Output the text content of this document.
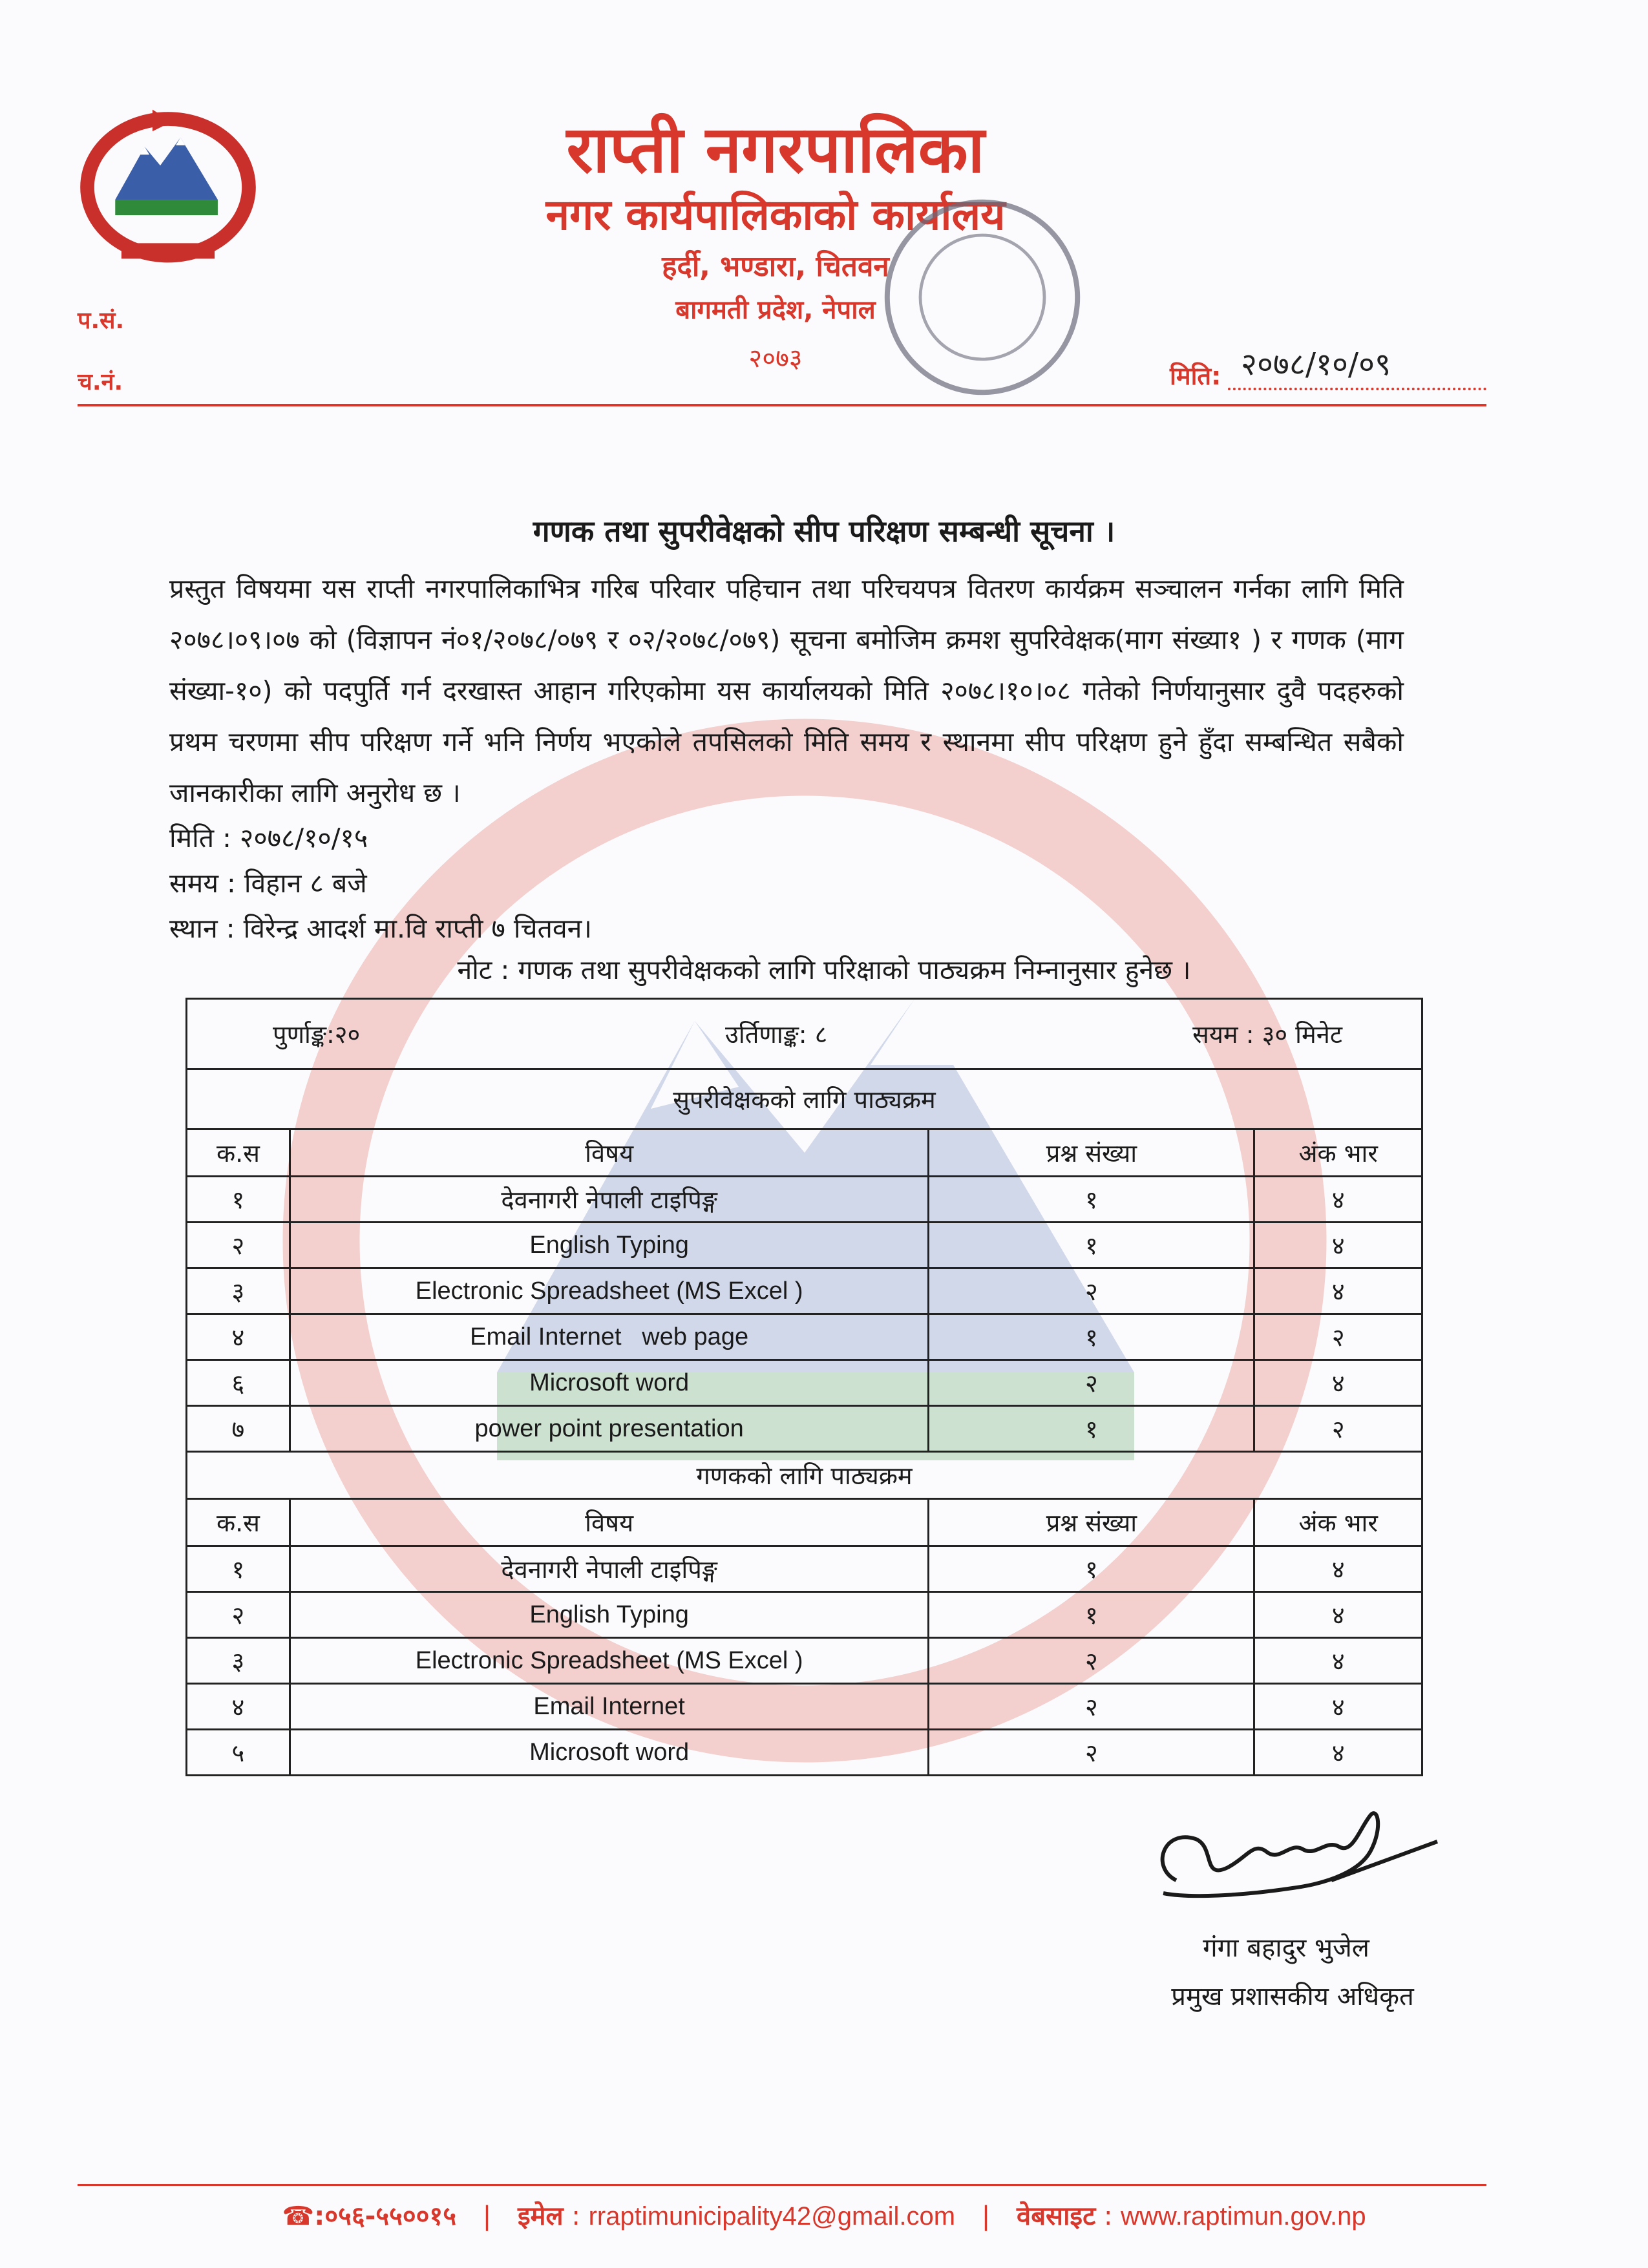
राप्ती नगरपालिका
नगर कार्यपालिकाको कार्यालय
हर्दी, भण्डारा, चितवन
बागमती प्रदेश, नेपाल
२०७३
प.सं.
च.नं.	मिति: २०७८/१०/०९
गणक तथा सुपरीवेक्षको सीप परिक्षण सम्बन्धी सूचना ।
प्रस्तुत विषयमा यस राप्ती नगरपालिकाभित्र गरिब परिवार पहिचान तथा परिचयपत्र वितरण कार्यक्रम सञ्चालन गर्नका लागि मिति २०७८।०९।०७ को (विज्ञापन नं०१/२०७८/०७९ र ०२/२०७८/०७९) सूचना बमोजिम क्रमश सुपरिवेक्षक(माग संख्या१ ) र गणक (माग संख्या-१०) को पदपुर्ति गर्न दरखास्त आहान गरिएकोमा यस कार्यालयको मिति २०७८।१०।०८ गतेको निर्णयानुसार दुवै पदहरुको प्रथम चरणमा सीप परिक्षण गर्ने भनि निर्णय भएकोले तपसिलको मिति समय र स्थानमा सीप परिक्षण हुने हुँदा सम्बन्धित सबैको जानकारीका लागि अनुरोध छ ।
मिति : २०७८/१०/१५
समय : विहान ८ बजे
स्थान : विरेन्द्र आदर्श मा.वि राप्ती ७ चितवन।
नोट : गणक तथा सुपरीवेक्षकको लागि परिक्षाको पाठ्यक्रम निम्नानुसार हुनेछ ।
पुर्णाङ्क:२० उर्तिणाङ्क: ८ सयम : ३० मिनेट			

सुपरीवेक्षकको लागि पाठ्यक्रम			
क.स	विषय	प्रश्न संख्या	अंक भार
१	देवनागरी नेपाली टाइपिङ्ग	१	४
२	English Typing	१	४
३	Electronic Spreadsheet (MS Excel )	२	४
४	Email Internet   web page	१	२
६	Microsoft word	२	४
७	power point presentation	१	२
गणकको लागि पाठ्यक्रम			
क.स	विषय	प्रश्न संख्या	अंक भार
१	देवनागरी नेपाली टाइपिङ्ग	१	४
२	English Typing	१	४
३	Electronic Spreadsheet (MS Excel )	२	४
४	Email Internet	२	४
५	Microsoft word	२	४
गंगा बहादुर भुजेल
प्रमुख प्रशासकीय अधिकृत
☎:०५६-५५००१५ | इमेल : rraptimunicipality42@gmail.com | वेबसाइट : www.raptimun.gov.np
